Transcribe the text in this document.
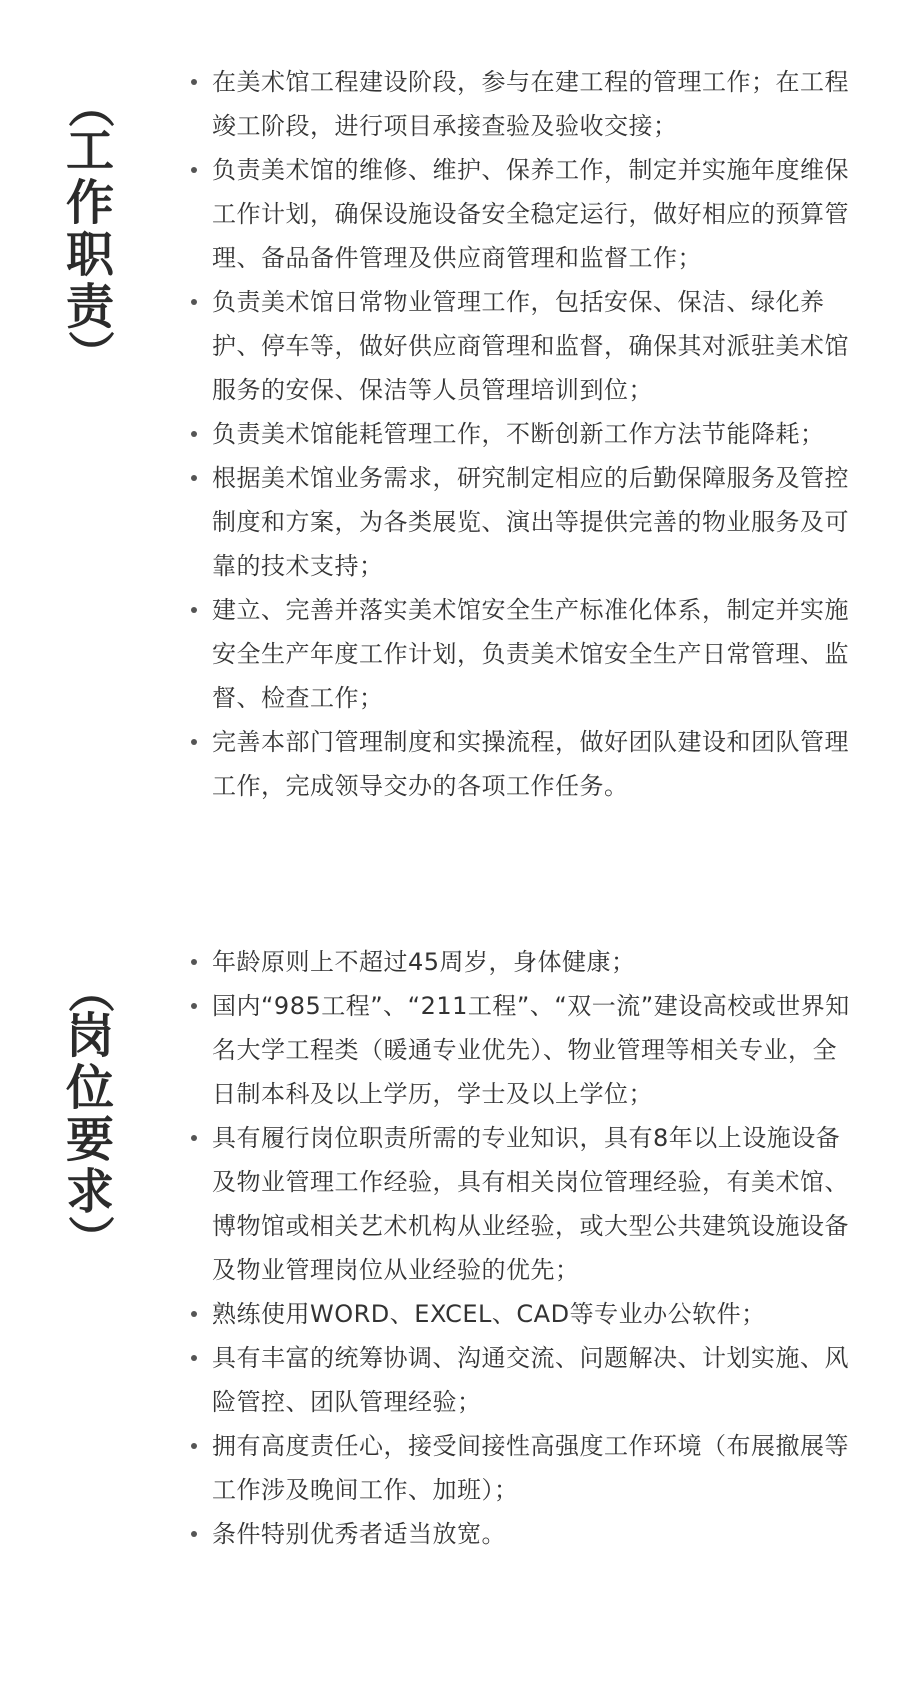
（
工
作
职
责
）
在美术馆工程建设阶段，参与在建工程的管理工作；在工程竣工阶段，进行项目承接查验及验收交接；
负责美术馆的维修、维护、保养工作，制定并实施年度维保工作计划，确保设施设备安全稳定运行，做好相应的预算管理、备品备件管理及供应商管理和监督工作；
负责美术馆日常物业管理工作，包括安保、保洁、绿化养护、停车等，做好供应商管理和监督，确保其对派驻美术馆服务的安保、保洁等人员管理培训到位；
负责美术馆能耗管理工作，不断创新工作方法节能降耗；
根据美术馆业务需求，研究制定相应的后勤保障服务及管控制度和方案，为各类展览、演出等提供完善的物业服务及可靠的技术支持；
建立、完善并落实美术馆安全生产标准化体系，制定并实施安全生产年度工作计划，负责美术馆安全生产日常管理、监督、检查工作；
完善本部门管理制度和实操流程，做好团队建设和团队管理工作，完成领导交办的各项工作任务。
（
岗
位
要
求
）
年龄原则上不超过45周岁，身体健康；
国内“985工程”、“211工程”、“双一流”建设高校或世界知名大学工程类（暖通专业优先）、物业管理等相关专业，全日制本科及以上学历，学士及以上学位；
具有履行岗位职责所需的专业知识，具有8年以上设施设备及物业管理工作经验，具有相关岗位管理经验，有美术馆、博物馆或相关艺术机构从业经验，或大型公共建筑设施设备及物业管理岗位从业经验的优先；
熟练使用WORD、EXCEL、CAD等专业办公软件；
具有丰富的统筹协调、沟通交流、问题解决、计划实施、风险管控、团队管理经验；
拥有高度责任心，接受间接性高强度工作环境（布展撤展等工作涉及晚间工作、加班）；
条件特别优秀者适当放宽。
